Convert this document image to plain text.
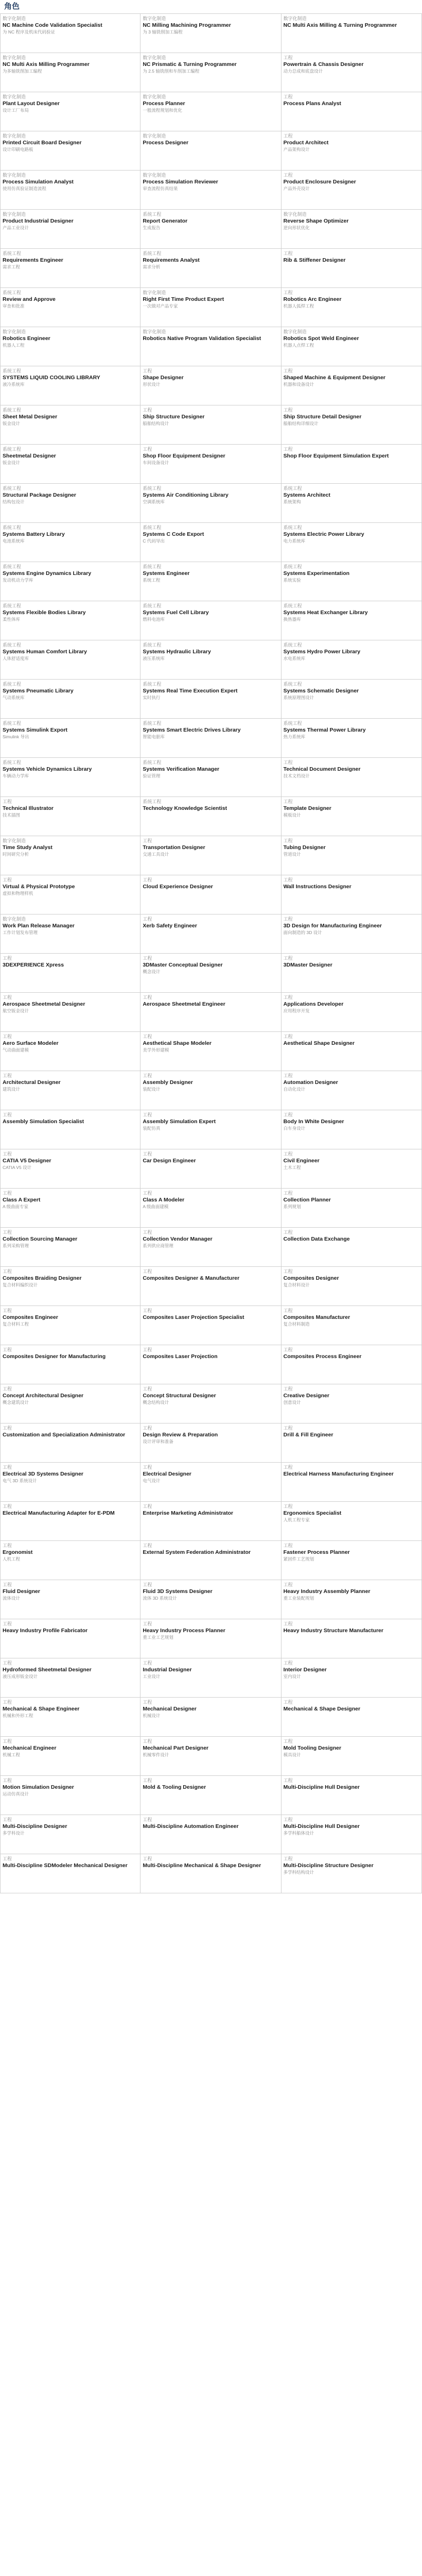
角色
数字化制造
NC Machine Code Validation Specialist
为 NC 程序及机床代码验证
数字化制造
NC Milling Machining Programmer
为 3 轴铣削加工编程
数字化制造
NC Multi Axis Milling & Turning Programmer
数字化制造
NC Multi Axis Milling Programmer
为多轴铣削加工编程
数字化制造
NC Prismatic & Turning Programmer
为 2.5 轴铣削和车削加工编程
工程
Powertrain & Chassis Designer
动力总成和底盘设计
数字化制造
Plant Layout Designer
设计工厂布局
数字化制造
Process Planner
一般流程规划和优化
工程
Process Plans Analyst
数字化制造
Printed Circuit Board Designer
设计印刷电路板
数字化制造
Process Designer
工程
Product Architect
产品架构设计
数字化制造
Process Simulation Analyst
使用仿真验证制造流程
数字化制造
Process Simulation Reviewer
审查流程仿真结果
工程
Product Enclosure Designer
产品外壳设计
数字化制造
Product Industrial Designer
产品工业设计
系统工程
Report Generator
生成报告
数字化制造
Reverse Shape Optimizer
逆向形状优化
系统工程
Requirements Engineer
需求工程
系统工程
Requirements Analyst
需求分析
工程
Rib & Stiffener Designer
系统工程
Review and Approve
审查和批准
数字化制造
Right First Time Product Expert
一次做对产品专家
工程
Robotics Arc Engineer
机器人弧焊工程
数字化制造
Robotics Engineer
机器人工程
数字化制造
Robotics Native Program Validation Specialist
数字化制造
Robotics Spot Weld Engineer
机器人点焊工程
系统工程
SYSTEMS LIQUID COOLING LIBRARY
液冷系统库
工程
Shape Designer
形状设计
工程
Shaped Machine & Equipment Designer
机器和设备设计
系统工程
Sheet Metal Designer
钣金设计
工程
Ship Structure Designer
船舶结构设计
工程
Ship Structure Detail Designer
船舶结构详细设计
系统工程
Sheetmetal Designer
钣金设计
工程
Shop Floor Equipment Designer
车间设备设计
工程
Shop Floor Equipment Simulation Expert
系统工程
Structural Package Designer
结构包设计
系统工程
Systems Air Conditioning Library
空调系统库
系统工程
Systems Architect
系统架构
系统工程
Systems Battery Library
电池系统库
系统工程
Systems C Code Export
C 代码导出
系统工程
Systems Electric Power Library
电力系统库
系统工程
Systems Engine Dynamics Library
发动机动力学库
系统工程
Systems Engineer
系统工程
系统工程
Systems Experimentation
系统实验
系统工程
Systems Flexible Bodies Library
柔性体库
系统工程
Systems Fuel Cell Library
燃料电池库
系统工程
Systems Heat Exchanger Library
换热器库
系统工程
Systems Human Comfort Library
人体舒适度库
系统工程
Systems Hydraulic Library
液压系统库
系统工程
Systems Hydro Power Library
水电系统库
系统工程
Systems Pneumatic Library
气动系统库
系统工程
Systems Real Time Execution Expert
实时执行
系统工程
Systems Schematic Designer
系统原理图设计
系统工程
Systems Simulink Export
Simulink 导出
系统工程
Systems Smart Electric Drives Library
智能电驱库
系统工程
Systems Thermal Power Library
热力系统库
系统工程
Systems Vehicle Dynamics Library
车辆动力学库
系统工程
Systems Verification Manager
验证管理
工程
Technical Document Designer
技术文档设计
工程
Technical Illustrator
技术插图
系统工程
Technology Knowledge Scientist
工程
Template Designer
模板设计
数字化制造
Time Study Analyst
时间研究分析
工程
Transportation Designer
交通工具设计
工程
Tubing Designer
管道设计
工程
Virtual & Physical Prototype
虚拟和物理样机
工程
Cloud Experience Designer
工程
Wall Instructions Designer
数字化制造
Work Plan Release Manager
工作计划发布管理
工程
Xerb Safety Engineer
工程
3D Design for Manufacturing Engineer
面向制造的 3D 设计
工程
3DEXPERIENCE Xpress
工程
3DMaster Conceptual Designer
概念设计
工程
3DMaster Designer
工程
Aerospace Sheetmetal Designer
航空钣金设计
工程
Aerospace Sheetmetal Engineer
工程
Applications Developer
应用程序开发
工程
Aero Surface Modeler
气动曲面建模
工程
Aesthetical Shape Modeler
美学外形建模
工程
Aesthetical Shape Designer
工程
Architectural Designer
建筑设计
工程
Assembly Designer
装配设计
工程
Automation Designer
自动化设计
工程
Assembly Simulation Specialist
工程
Assembly Simulation Expert
装配仿真
工程
Body In White Designer
白车身设计
工程
CATIA V5 Designer
CATIA V5 设计
工程
Car Design Engineer
工程
Civil Engineer
土木工程
工程
Class A Expert
A 级曲面专家
工程
Class A Modeler
A 级曲面建模
工程
Collection Planner
系列规划
工程
Collection Sourcing Manager
系列采购管理
工程
Collection Vendor Manager
系列供应商管理
工程
Collection Data Exchange
工程
Composites Braiding Designer
复合材料编织设计
工程
Composites Designer & Manufacturer
工程
Composites Designer
复合材料设计
工程
Composites Engineer
复合材料工程
工程
Composites Laser Projection Specialist
工程
Composites Manufacturer
复合材料制造
工程
Composites Designer for Manufacturing
工程
Composites Laser Projection
工程
Composites Process Engineer
工程
Concept Architectural Designer
概念建筑设计
工程
Concept Structural Designer
概念结构设计
工程
Creative Designer
创意设计
工程
Customization and Specialization Administrator
工程
Design Review & Preparation
设计评审和准备
工程
Drill & Fill Engineer
工程
Electrical 3D Systems Designer
电气 3D 系统设计
工程
Electrical Designer
电气设计
工程
Electrical Harness Manufacturing Engineer
工程
Electrical Manufacturing Adapter for E-PDM
工程
Enterprise Marketing Administrator
工程
Ergonomics Specialist
人机工程专家
工程
Ergonomist
人机工程
工程
External System Federation Administrator
工程
Fastener Process Planner
紧固件工艺规划
工程
Fluid Designer
流体设计
工程
Fluid 3D Systems Designer
流体 3D 系统设计
工程
Heavy Industry Assembly Planner
重工业装配规划
工程
Heavy Industry Profile Fabricator
工程
Heavy Industry Process Planner
重工业工艺规划
工程
Heavy Industry Structure Manufacturer
工程
Hydroformed Sheetmetal Designer
液压成形钣金设计
工程
Industrial Designer
工业设计
工程
Interior Designer
室内设计
工程
Mechanical & Shape Engineer
机械和外形工程
工程
Mechanical Designer
机械设计
工程
Mechanical & Shape Designer
工程
Mechanical Engineer
机械工程
工程
Mechanical Part Designer
机械零件设计
工程
Mold Tooling Designer
模具设计
工程
Motion Simulation Designer
运动仿真设计
工程
Mold & Tooling Designer
工程
Multi-Discipline Hull Designer
工程
Multi-Discipline Designer
多学科设计
工程
Multi-Discipline Automation Engineer
工程
Multi-Discipline Hull Designer
多学科船体设计
工程
Multi-Discipline SDModeler Mechanical Designer
工程
Multi-Discipline Mechanical & Shape Designer
工程
Multi-Discipline Structure Designer
多学科结构设计
